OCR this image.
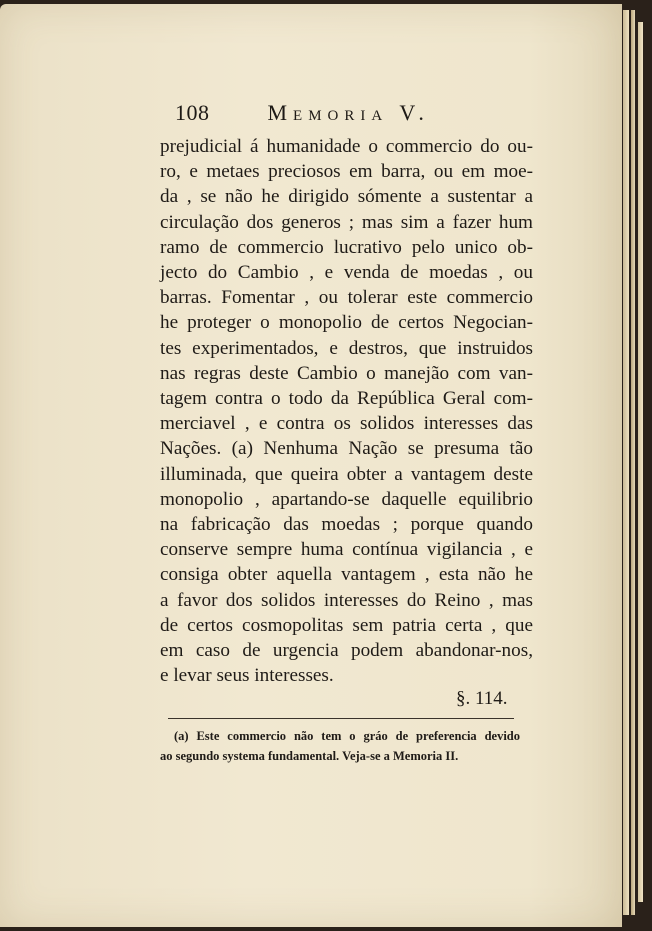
108	Memoria V.
prejudicial á humanidade o commercio do ou-
ro, e metaes preciosos em barra, ou em moe-
da , se não he dirigido sómente a sustentar a
circulação dos generos ; mas sim a fazer hum
ramo de commercio lucrativo pelo unico ob-
jecto do Cambio , e venda de moedas , ou
barras. Fomentar , ou tolerar este commercio
he proteger o monopolio de certos Negocian-
tes experimentados, e destros, que instruidos
nas regras deste Cambio o manejão com van-
tagem contra o todo da República Geral com-
merciavel , e contra os solidos interesses das
Nações. (a) Nenhuma Nação se presuma tão
illuminada, que queira obter a vantagem deste
monopolio , apartando-se daquelle equilibrio
na fabricação das moedas ; porque quando
conserve sempre huma contínua vigilancia , e
consiga obter aquella vantagem , esta não he
a favor dos solidos interesses do Reino , mas
de certos cosmopolitas sem patria certa , que
em caso de urgencia podem abandonar-nos,
e levar seus interesses.
§. 114.
(a) Este commercio não tem o gráo de preferencia devido
ao segundo systema fundamental. Veja-se a Memoria II.
